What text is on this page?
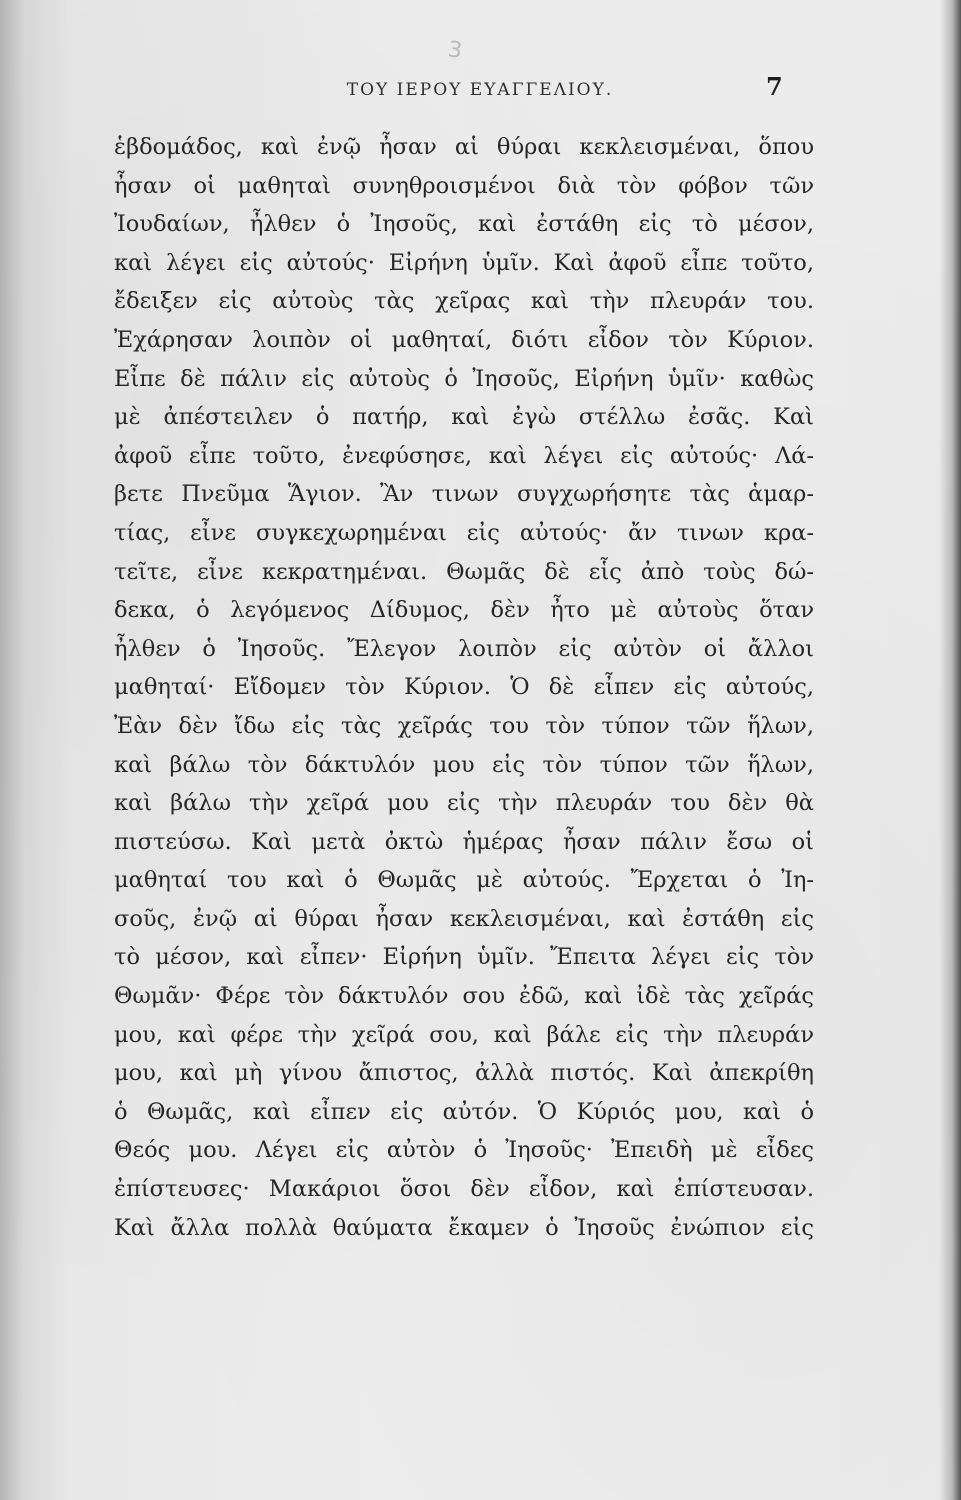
3
ΤΟΥ ΙΕΡΟΥ ΕΥΑΓΓΕΛΙΟΥ.	7
ἑβδομάδος, καὶ ἐνῷ ἦσαν αἱ θύραι κεκλεισμέναι, ὅπου
ἦσαν οἱ μαθηταὶ συνηθροισμένοι διὰ τὸν φόβον τῶν
Ἰουδαίων, ἦλθεν ὁ Ἰησοῦς, καὶ ἐστάθη εἰς τὸ μέσον,
καὶ λέγει εἰς αὐτούς· Εἰρήνη ὑμῖν. Καὶ ἀφοῦ εἶπε τοῦτο,
ἔδειξεν εἰς αὐτοὺς τὰς χεῖρας καὶ τὴν πλευράν του.
Ἐχάρησαν λοιπὸν οἱ μαθηταί, διότι εἶδον τὸν Κύριον.
Εἶπε δὲ πάλιν εἰς αὐτοὺς ὁ Ἰησοῦς, Εἰρήνη ὑμῖν· καθὼς
μὲ ἀπέστειλεν ὁ πατήρ, καὶ ἐγὼ στέλλω ἐσᾶς. Καὶ
ἀφοῦ εἶπε τοῦτο, ἐνεφύσησε, καὶ λέγει εἰς αὐτούς· Λά-
βετε Πνεῦμα Ἅγιον. Ἂν τινων συγχωρήσητε τὰς ἁμαρ-
τίας, εἶνε συγκεχωρημέναι εἰς αὐτούς· ἄν τινων κρα-
τεῖτε, εἶνε κεκρατημέναι. Θωμᾶς δὲ εἷς ἀπὸ τοὺς δώ-
δεκα, ὁ λεγόμενος Δίδυμος, δὲν ἦτο μὲ αὐτοὺς ὅταν
ἦλθεν ὁ Ἰησοῦς. Ἔλεγον λοιπὸν εἰς αὐτὸν οἱ ἄλλοι
μαθηταί· Εἴδομεν τὸν Κύριον. Ὁ δὲ εἶπεν εἰς αὐτούς,
Ἐὰν δὲν ἴδω εἰς τὰς χεῖράς του τὸν τύπον τῶν ἥλων,
καὶ βάλω τὸν δάκτυλόν μου εἰς τὸν τύπον τῶν ἥλων,
καὶ βάλω τὴν χεῖρά μου εἰς τὴν πλευράν του δὲν θὰ
πιστεύσω. Καὶ μετὰ ὀκτὼ ἡμέρας ἦσαν πάλιν ἔσω οἱ
μαθηταί του καὶ ὁ Θωμᾶς μὲ αὐτούς. Ἔρχεται ὁ Ἰη-
σοῦς, ἐνῷ αἱ θύραι ἦσαν κεκλεισμέναι, καὶ ἐστάθη εἰς
τὸ μέσον, καὶ εἶπεν· Εἰρήνη ὑμῖν. Ἔπειτα λέγει εἰς τὸν
Θωμᾶν· Φέρε τὸν δάκτυλόν σου ἐδῶ, καὶ ἰδὲ τὰς χεῖράς
μου, καὶ φέρε τὴν χεῖρά σου, καὶ βάλε εἰς τὴν πλευράν
μου, καὶ μὴ γίνου ἄπιστος, ἀλλὰ πιστός. Καὶ ἀπεκρίθη
ὁ Θωμᾶς, καὶ εἶπεν εἰς αὐτόν. Ὁ Κύριός μου, καὶ ὁ
Θεός μου. Λέγει εἰς αὐτὸν ὁ Ἰησοῦς· Ἐπειδὴ μὲ εἶδες
ἐπίστευσες· Μακάριοι ὅσοι δὲν εἶδον, καὶ ἐπίστευσαν.
Καὶ ἄλλα πολλὰ θαύματα ἔκαμεν ὁ Ἰησοῦς ἐνώπιον εἰς
